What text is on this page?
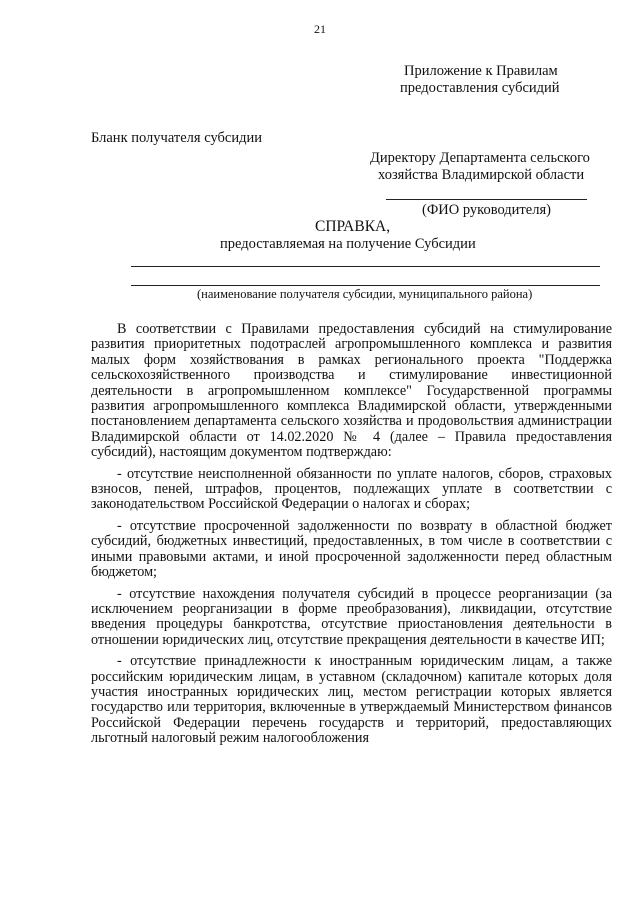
21
Приложение к Правилам
предоставления субсидий
Бланк получателя субсидии
Директору Департамента сельского
хозяйства Владимирской области
(ФИО руководителя)
СПРАВКА,
предоставляемая на получение Субсидии
(наименование получателя субсидии, муниципального района)

В соответствии с Правилами предоставления субсидий на стимулирование развития приоритетных подотраслей агропромышленного комплекса и развития малых форм хозяйствования в рамках регионального проекта "Поддержка сельскохозяйственного производства и стимулирование инвестиционной деятельности в агропромышленном комплексе" Государственной программы развития агропромышленного комплекса Владимирской области, утвержденными постановлением департамента сельского хозяйства и продовольствия администрации Владимирской области от 14.02.2020 № 4 (далее – Правила предоставления субсидий), настоящим документом подтверждаю:

- отсутствие неисполненной обязанности по уплате налогов, сборов, страховых взносов, пеней, штрафов, процентов, подлежащих уплате в соответствии с законодательством Российской Федерации о налогах и сборах;

- отсутствие просроченной задолженности по возврату в областной бюджет субсидий, бюджетных инвестиций, предоставленных, в том числе в соответствии с иными правовыми актами, и иной просроченной задолженности перед областным бюджетом;

- отсутствие нахождения получателя субсидий в процессе реорганизации (за исключением реорганизации в форме преобразования), ликвидации, отсутствие введения процедуры банкротства, отсутствие приостановления деятельности в отношении юридических лиц, отсутствие прекращения деятельности в качестве ИП;

- отсутствие принадлежности к иностранным юридическим лицам, а также российским юридическим лицам, в уставном (складочном) капитале которых доля участия иностранных юридических лиц, местом регистрации которых является государство или территория, включенные в утверждаемый Министерством финансов Российской Федерации перечень государств и территорий, предоставляющих льготный налоговый режим налогообложения
